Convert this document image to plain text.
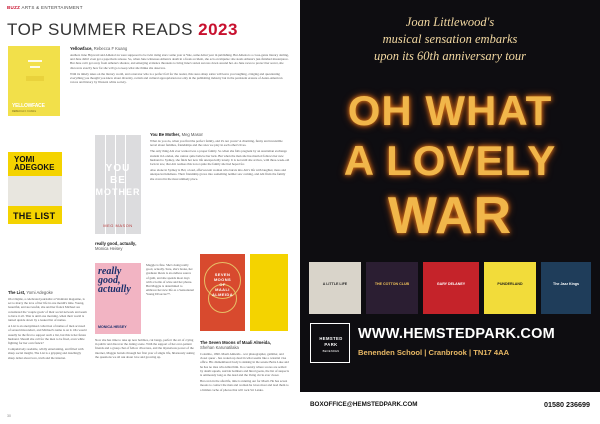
BUZZ ARTS & ENTERTAINMENT
TOP SUMMER READS 2023
YELLOWFACE
REBECCA F. KUANG
Yellowface, Rebecca F Kuang

Authors June Hayward and Athena Liu were supposed to be twin rising stars: same year at Yale, same debut year in publishing. But Athena is a cross-genre literary darling, and June didn't even get a paperback release. So, when June witnesses Athena's death in a freak accident, she acts on impulse: she steals Athena's just-finished masterpiece. But June can't get away from Athena's shadow, and emerging evidence threatens to bring June's stolen success down around her. As June races to protect her secret, she discovers exactly how far she will go to keep what she thinks she deserves.

With its timely takes on the literary world, and a narrator who is a perfect foil for the reader, this razor-sharp satire will leave you laughing, cringing and questioning everything you thought you knew about diversity, racism and cultural appropriation not only in the publishing industry but in the persistent erasure of Asian-American voices and history by Western white society.

YOMI
ADEGOKE
THE LIST
The List, Yomi Adegoke

Ola Olajide, a celebrated journalist at Womxxn magazine, is set to marry the love of her life in one month's time. Young, beautiful, and successful, she and her fiancé Michael are considered the 'couple goals' of their social network and seem to have it all. That is until one morning, when their world is turned upside down by a leaked list of names.

A List is an anonymised collection of names of men accused of sexual misconduct, and Michael's name is on it. Ola would usually be the first to support such a list, but this is her future husband. Should she call for the men to be fired, even while fighting for her own fiancé?

Compulsively readable, wildly entertaining, and filled with sharp social insight, The List is a gripping and dazzlingly sharp debut about love, truth and the internet.

YOU
BE
MOTHER
MEG MASON
You Be Mother, Meg Mason

What do you do, when you find the perfect family, and it's not yours? A charming, funny and irresistible novel about families, friendships and the roles we play in each other's lives.

The only thing Abi ever wanted was a proper family. So when she falls pregnant by an Australian exchange student in London, she cannot quite believe her luck. But when the man she has married follows her new husband to Sydney, she finds her new life unexpectedly lonely. It is not until she arrives, with three-week-old Jack in tow, that Abi realises this is not quite the family she had hoped for.

Also alone in Sydney is Bel, a loud, effervescent woman who bursts into Abi's life with laughter, mess and unexpected kindness. Their friendship grows into something neither saw coming, and Abi finds the family she craved in the most unlikely place.

really good, actually,
Monica Heisey
really
good,
actually
MONICA HEISEY

Maggie is fine. She's doing really good, actually. Sure, she's broke, her graduate thesis is an endless source of guilt, and she spends most days with a bottle of wine and her phone. But Maggie is determined to embrace her new life as a Sensational Young Divorcée™.

Now she has time to take up new hobbies, cut bangs, perfect the art of crying in public and discover the dating scene. With the support of her ever-patient friends and a group chat of fellow divorcées, and the mysterious power of the internet, Maggie barrels through her first year of single life, hilariously asking the questions we all ask about love and growing up.

SEVEN
MOONS
OF
MAALI
ALMEIDA
The Seven Moons of Maali Almeida,
Shehan Karunatilaka

Colombo, 1990. Maali Almeida - war photographer, gambler, and closet queer - has woken up dead in what seems like a celestial visa office. His dismembered body is sinking in the serene Beira Lake and he has no idea who killed him. In a country where scores are settled by death squads, suicide bombers and hired goons, the list of suspects is ominously long as the dead and the living circle ever closer.

But even in the afterlife, time is running out for Maali. He has seven moons to contact the man and woman he loves most and lead them to a hidden cache of photos that will rock Sri Lanka.

30
Joan Littlewood's
musical sensation embarks
upon its 60th anniversary tour
OH WHAT
A LOVELY
WAR
A LITTLE LIFE	THE COTTON CLUB	GARY DELANEY	PUNDERLAND	The Jazz Kings
HEMSTED
PARK
BENENDEN
WWW.HEMSTEDPARK.COM
Benenden School | Cranbrook | TN17 4AA
BOXOFFICE@HEMSTEDPARK.COM	01580 236699
